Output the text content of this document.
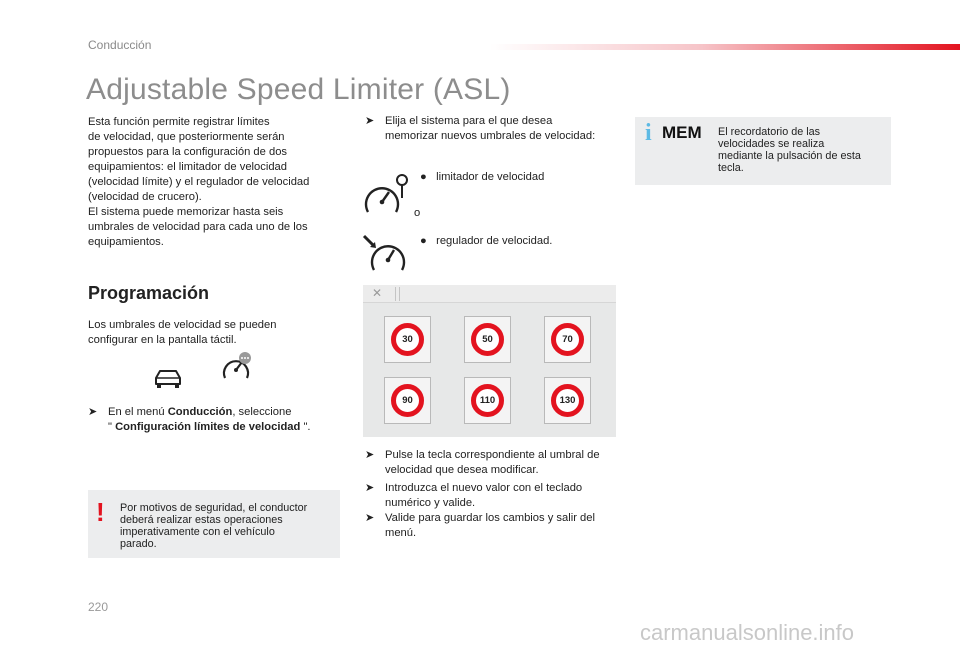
Conducción
Adjustable Speed Limiter (ASL)
Esta función permite registrar límites
de velocidad, que posteriormente serán
propuestos para la configuración de dos
equipamientos: el limitador de velocidad
(velocidad límite) y el regulador de velocidad
(velocidad de crucero).
El sistema puede memorizar hasta seis
umbrales de velocidad para cada uno de los
equipamientos.
Programación
Los umbrales de velocidad se pueden
configurar en la pantalla táctil.
➤ En el menú Conducción, seleccione
" Configuración límites de velocidad ".
! Por motivos de seguridad, el conductor
deberá realizar estas operaciones
imperativamente con el vehículo
parado.
➤ Elija el sistema para el que desea
memorizar nuevos umbrales de velocidad:
●   limitador de velocidad
o
●   regulador de velocidad.
✕
30	50	70
90	110	130
➤ Pulse la tecla correspondiente al umbral de
velocidad que desea modificar.
➤ Introduzca el nuevo valor con el teclado
numérico y valide.
➤ Valide para guardar los cambios y salir del
menú.
i MEM El recordatorio de las
velocidades se realiza
mediante la pulsación de esta
tecla.
220
carmanualsonline.info
